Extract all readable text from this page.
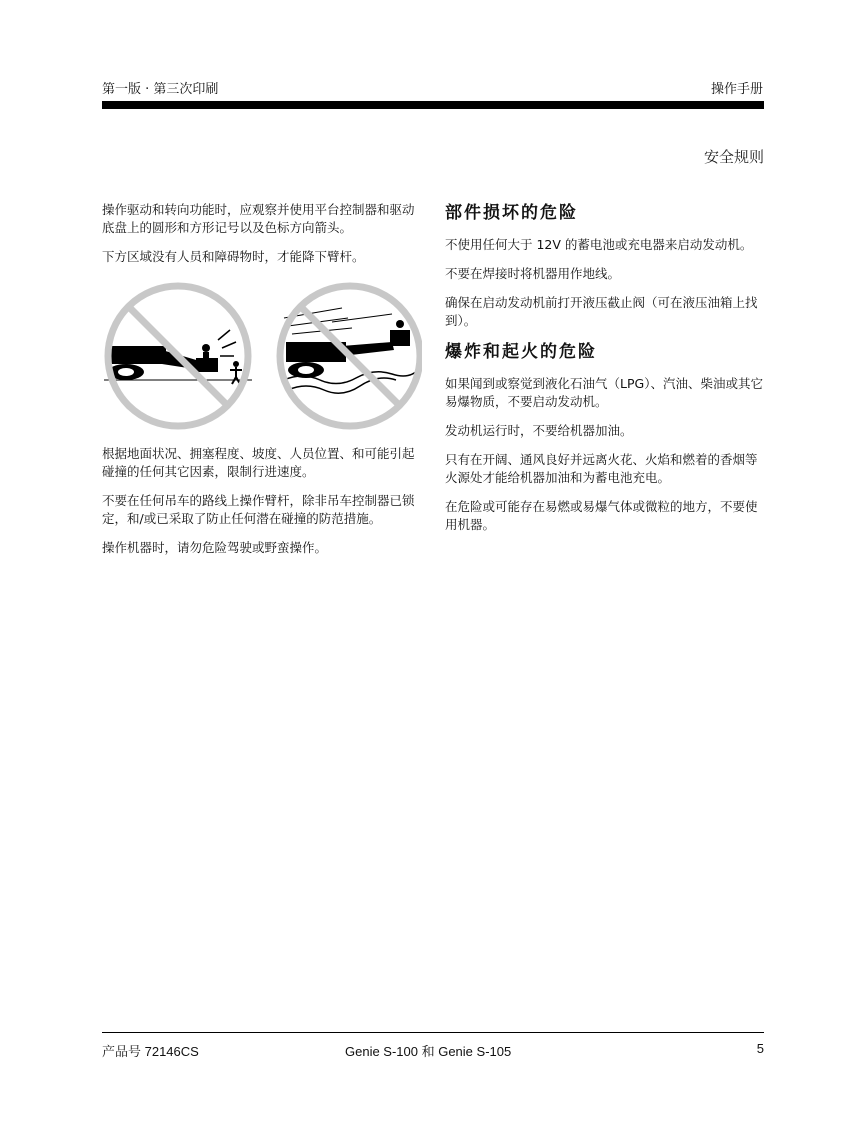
第一版 · 第三次印刷	操作手册
安全规则

操作驱动和转向功能时，应观察并使用平台控制器和驱动底盘上的圆形和方形记号以及色标方向箭头。

下方区域没有人员和障碍物时，才能降下臂杆。

根据地面状况、拥塞程度、坡度、人员位置、和可能引起碰撞的任何其它因素，限制行进速度。

不要在任何吊车的路线上操作臂杆，除非吊车控制器已锁定，和/或已采取了防止任何潜在碰撞的防范措施。

操作机器时，请勿危险驾驶或野蛮操作。

部件损坏的危险

不使用任何大于 12V 的蓄电池或充电器来启动发动机。

不要在焊接时将机器用作地线。

确保在启动发动机前打开液压截止阀（可在液压油箱上找到）。

爆炸和起火的危险

如果闻到或察觉到液化石油气（LPG）、汽油、柴油或其它易爆物质，不要启动发动机。

发动机运行时，不要给机器加油。

只有在开阔、通风良好并远离火花、火焰和燃着的香烟等火源处才能给机器加油和为蓄电池充电。

在危险或可能存在易燃或易爆气体或微粒的地方，不要使用机器。

产品号 72146CS	Genie S-100 和 Genie S-105	5
